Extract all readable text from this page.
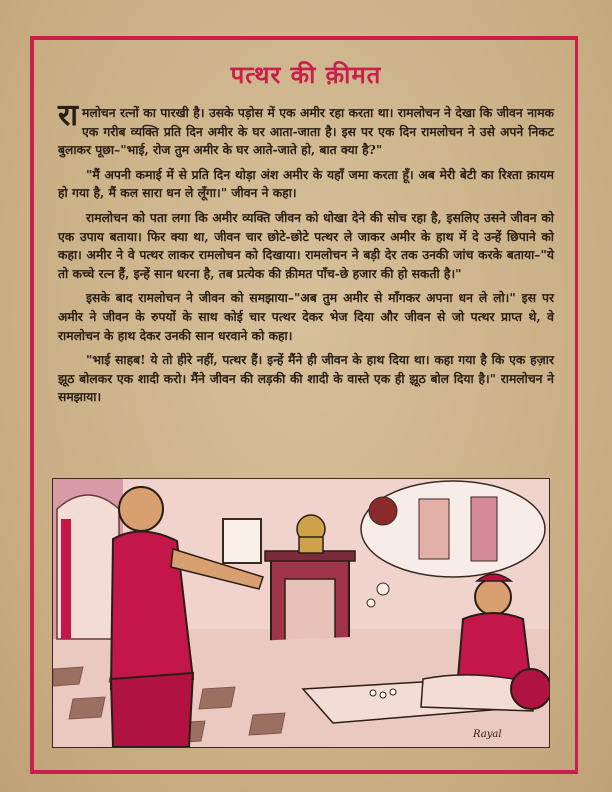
पत्थर की क़ीमत

रामलोचन रत्नों का पारखी है। उसके पड़ोस में एक अमीर रहा करता था। रामलोचन ने देखा कि जीवन नामक एक गरीब व्यक्ति प्रति दिन अमीर के घर आता-जाता है। इस पर एक दिन रामलोचन ने उसे अपने निकट बुलाकर पूछा–"भाई, रोज तुम अमीर के घर आते-जाते हो, बात क्या है?"

"मैं अपनी कमाई में से प्रति दिन थोड़ा अंश अमीर के यहाँ जमा करता हूँ। अब मेरी बेटी का रिश्ता क़ायम हो गया है, मैं कल सारा धन ले लूँगा।" जीवन ने कहा।

रामलोचन को पता लगा कि अमीर व्यक्ति जीवन को धोखा देने की सोच रहा है, इसलिए उसने जीवन को एक उपाय बताया। फिर क्या था, जीवन चार छोटे-छोटे पत्थर ले जाकर अमीर के हाथ में दे उन्हें छिपाने को कहा। अमीर ने वे पत्थर लाकर रामलोचन को दिखाया। रामलोचन ने बड़ी देर तक उनकी जांच करके बताया–"ये तो कच्चे रत्न हैं, इन्हें सान धरना है, तब प्रत्येक की क़ीमत पाँच-छे हजार की हो सकती है।"

इसके बाद रामलोचन ने जीवन को समझाया–"अब तुम अमीर से माँगकर अपना धन ले लो।" इस पर अमीर ने जीवन के रुपयों के साथ कोई चार पत्थर देकर भेज दिया और जीवन से जो पत्थर प्राप्त थे, वे रामलोचन के हाथ देकर उनकी सान धरवाने को कहा।

"भाई साहब! ये तो हीरे नहीं, पत्थर हैं। इन्हें मैंने ही जीवन के हाथ दिया था। कहा गया है कि एक हज़ार झूठ बोलकर एक शादी करो। मैंने जीवन की लड़की की शादी के वास्ते एक ही झूठ बोल दिया है।" रामलोचन ने समझाया।

Rayal
